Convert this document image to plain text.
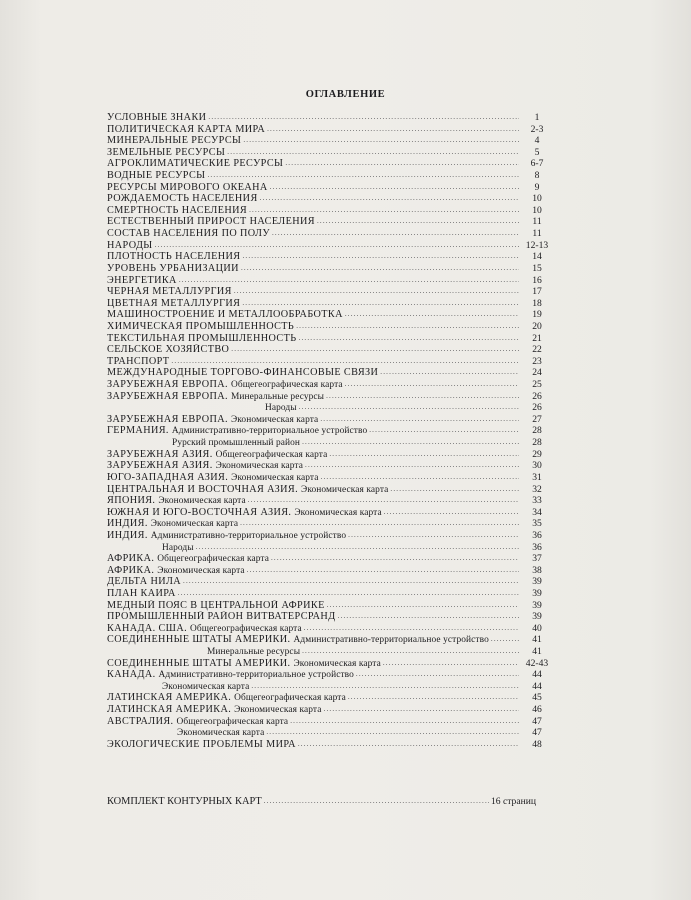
ОГЛАВЛЕНИЕ
УСЛОВНЫЕ ЗНАКИ .....	1
ПОЛИТИЧЕСКАЯ КАРТА МИРА .....	2-3
МИНЕРАЛЬНЫЕ РЕСУРСЫ .....	4
ЗЕМЕЛЬНЫЕ РЕСУРСЫ .....	5
АГРОКЛИМАТИЧЕСКИЕ РЕСУРСЫ .....	6-7
ВОДНЫЕ РЕСУРСЫ .....	8
РЕСУРСЫ МИРОВОГО ОКЕАНА .....	9
РОЖДАЕМОСТЬ НАСЕЛЕНИЯ .....	10
СМЕРТНОСТЬ НАСЕЛЕНИЯ .....	10
ЕСТЕСТВЕННЫЙ ПРИРОСТ НАСЕЛЕНИЯ .....	11
СОСТАВ НАСЕЛЕНИЯ ПО ПОЛУ .....	11
НАРОДЫ .....	12-13
ПЛОТНОСТЬ НАСЕЛЕНИЯ .....	14
УРОВЕНЬ УРБАНИЗАЦИИ .....	15
ЭНЕРГЕТИКА .....	16
ЧЕРНАЯ МЕТАЛЛУРГИЯ .....	17
ЦВЕТНАЯ МЕТАЛЛУРГИЯ .....	18
МАШИНОСТРОЕНИЕ И МЕТАЛЛООБРАБОТКА .....	19
ХИМИЧЕСКАЯ ПРОМЫШЛЕННОСТЬ .....	20
ТЕКСТИЛЬНАЯ ПРОМЫШЛЕННОСТЬ .....	21
СЕЛЬСКОЕ ХОЗЯЙСТВО .....	22
ТРАНСПОРТ .....	23
МЕЖДУНАРОДНЫЕ ТОРГОВО-ФИНАНСОВЫЕ СВЯЗИ .....	24
ЗАРУБЕЖНАЯ ЕВРОПА. Общегеографическая карта .....	25
ЗАРУБЕЖНАЯ ЕВРОПА. Минеральные ресурсы .....	26
Народы .....	26
ЗАРУБЕЖНАЯ ЕВРОПА. Экономическая карта .....	27
ГЕРМАНИЯ. Административно-территориальное устройство .....	28
Рурский промышленный район .....	28
ЗАРУБЕЖНАЯ АЗИЯ. Общегеографическая карта .....	29
ЗАРУБЕЖНАЯ АЗИЯ. Экономическая карта .....	30
ЮГО-ЗАПАДНАЯ АЗИЯ. Экономическая карта .....	31
ЦЕНТРАЛЬНАЯ И ВОСТОЧНАЯ АЗИЯ. Экономическая карта .....	32
ЯПОНИЯ. Экономическая карта .....	33
ЮЖНАЯ И ЮГО-ВОСТОЧНАЯ АЗИЯ. Экономическая карта .....	34
ИНДИЯ. Экономическая карта .....	35
ИНДИЯ. Административно-территориальное устройство .....	36
Народы .....	36
АФРИКА. Общегеографическая карта .....	37
АФРИКА. Экономическая карта .....	38
ДЕЛЬТА НИЛА .....	39
ПЛАН КАИРА .....	39
МЕДНЫЙ ПОЯС В ЦЕНТРАЛЬНОЙ АФРИКЕ .....	39
ПРОМЫШЛЕННЫЙ РАЙОН ВИТВАТЕРСРАНД .....	39
КАНАДА. США. Общегеографическая карта .....	40
СОЕДИНЕННЫЕ ШТАТЫ АМЕРИКИ. Административно-территориальное устройство .....	41
Минеральные ресурсы .....	41
СОЕДИНЕННЫЕ ШТАТЫ АМЕРИКИ. Экономическая карта .....	42-43
КАНАДА. Административно-территориальное устройство .....	44
Экономическая карта .....	44
ЛАТИНСКАЯ АМЕРИКА. Общегеографическая карта .....	45
ЛАТИНСКАЯ АМЕРИКА. Экономическая карта .....	46
АВСТРАЛИЯ. Общегеографическая карта .....	47
Экономическая карта .....	47
ЭКОЛОГИЧЕСКИЕ ПРОБЛЕМЫ МИРА .....	48
КОМПЛЕКТ КОНТУРНЫХ КАРТ .....	16 страниц
